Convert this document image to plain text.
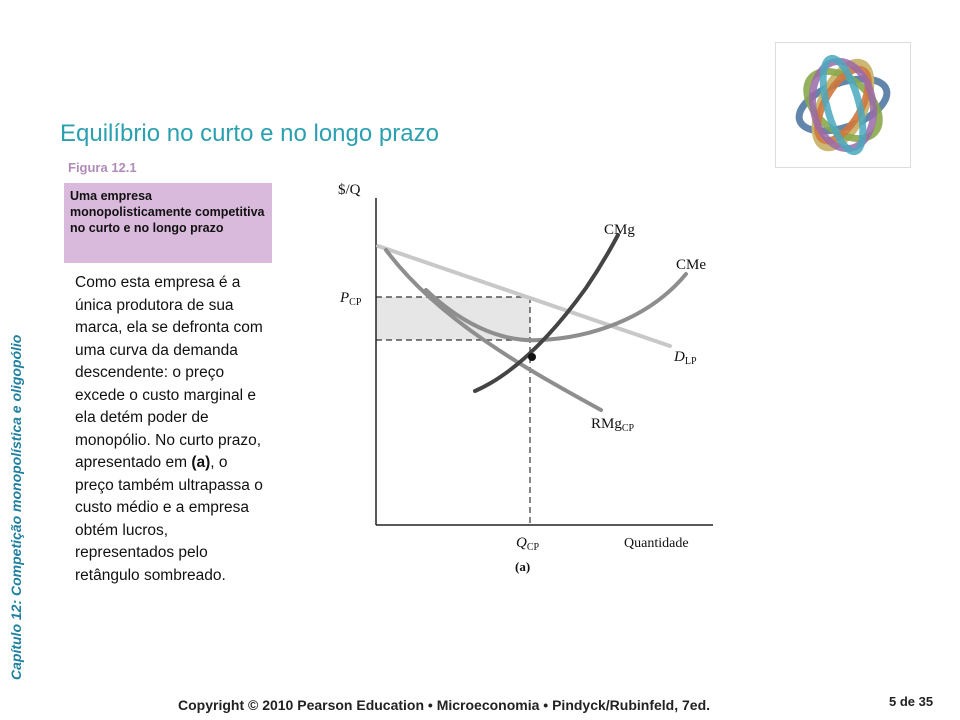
Capítulo 12: Competição monopolística e oligopólio
Equilíbrio no curto e no longo prazo
Figura 12.1
Uma empresa monopolisticamente competitiva no curto e no longo prazo
Como esta empresa é a única produtora de sua marca, ela se defronta com uma curva da demanda descendente: o preço excede o custo marginal e ela detém poder de monopólio. No curto prazo, apresentado em (a), o preço também ultrapassa o custo médio e a empresa obtém lucros, representados pelo retângulo sombreado.
$/Q
$P_{CP}$
$Q_{CP}$	Quantidade
(a)
CMg
CMe
$D_{LP}$
RMg$_{CP}$
Copyright © 2010 Pearson Education • Microeconomia • Pindyck/Rubinfeld, 7ed.	5 de 35
